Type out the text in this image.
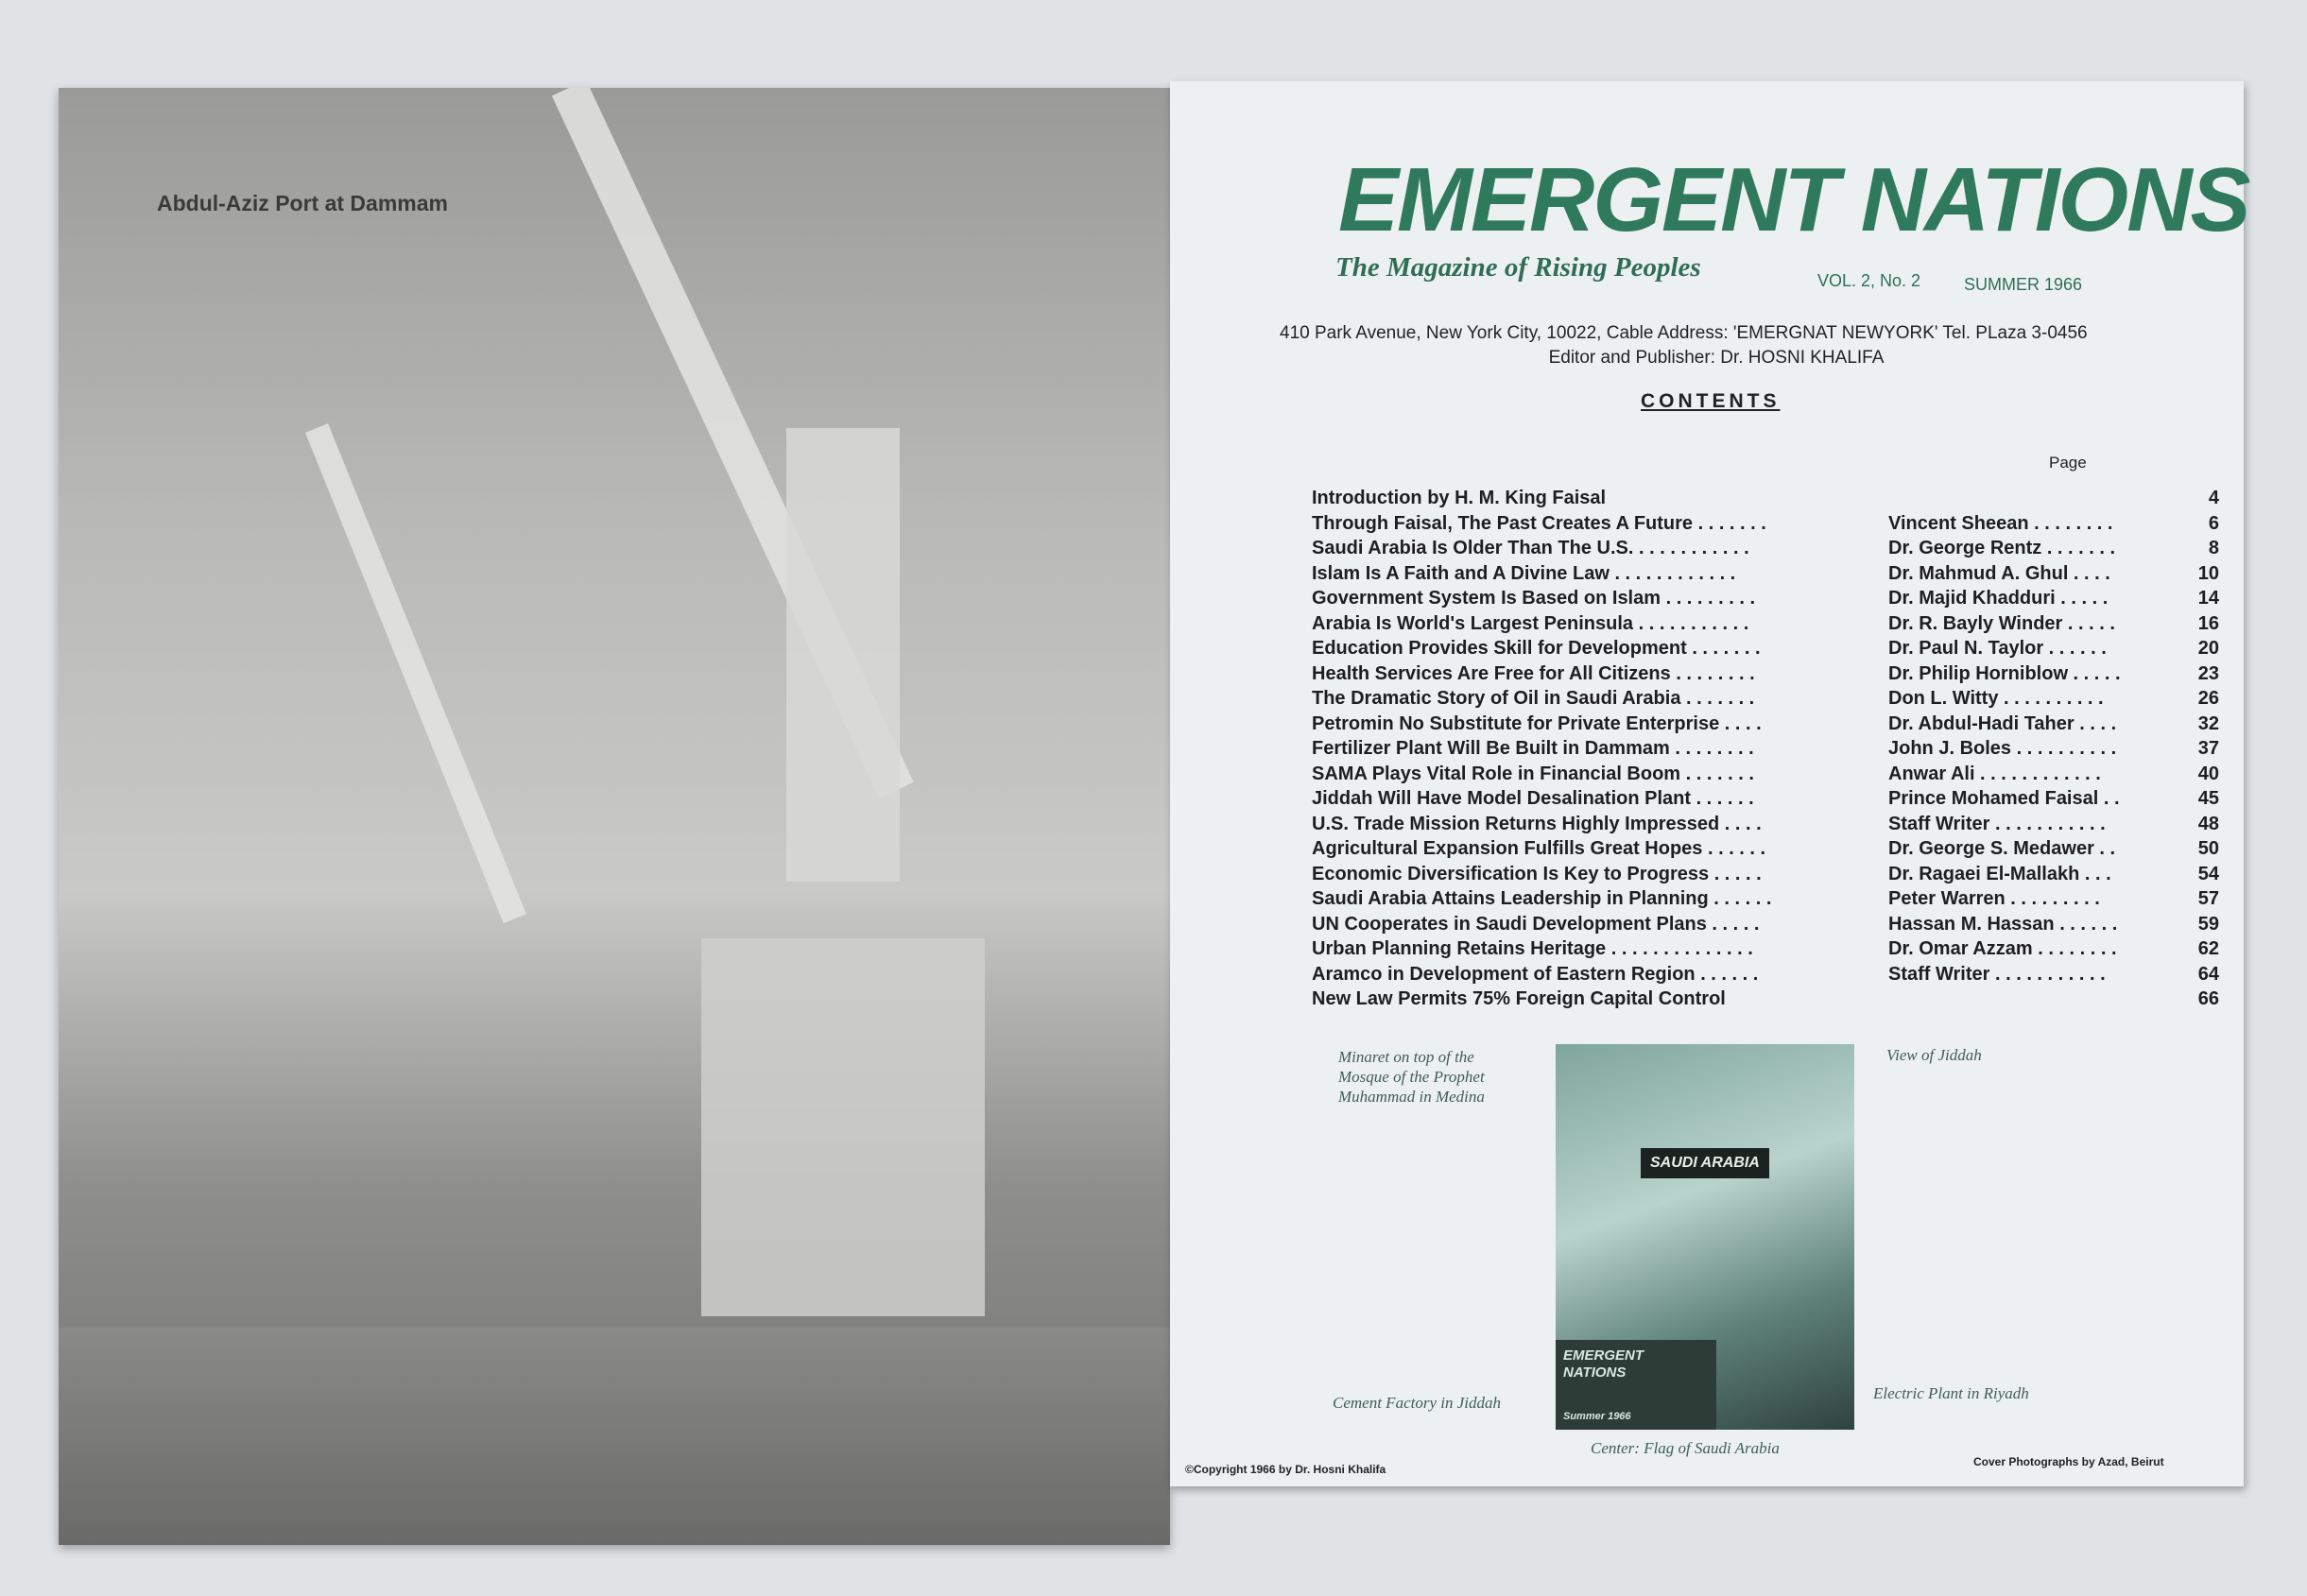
Abdul-Aziz Port at Dammam	EMERGENT NATIONS
The Magazine of Rising Peoples	VOL. 2, No. 2	SUMMER 1966
410 Park Avenue, New York City, 10022, Cable Address: 'EMERGNAT NEWYORK' Tel. PLaza 3-0456
Editor and Publisher: Dr. HOSNI KHALIFA
CONTENTS
Page
Introduction by H. M. King Faisal	4
Through Faisal, The Past Creates A Future . . . . . . .	Vincent Sheean . . . . . . . .	6
Saudi Arabia Is Older Than The U.S. . . . . . . . . . . .	Dr. George Rentz . . . . . . .	8
Islam Is A Faith and A Divine Law . . . . . . . . . . . .	Dr. Mahmud A. Ghul . . . .	10
Government System Is Based on Islam . . . . . . . . .	Dr. Majid Khadduri . . . . .	14
Arabia Is World's Largest Peninsula . . . . . . . . . . .	Dr. R. Bayly Winder . . . . .	16
Education Provides Skill for Development . . . . . . .	Dr. Paul N. Taylor . . . . . .	20
Health Services Are Free for All Citizens . . . . . . . .	Dr. Philip Horniblow . . . . .	23
The Dramatic Story of Oil in Saudi Arabia . . . . . . .	Don L. Witty . . . . . . . . . .	26
Petromin No Substitute for Private Enterprise . . . .	Dr. Abdul-Hadi Taher . . . .	32
Fertilizer Plant Will Be Built in Dammam . . . . . . . .	John J. Boles . . . . . . . . . .	37
SAMA Plays Vital Role in Financial Boom . . . . . . .	Anwar Ali . . . . . . . . . . . .	40
Jiddah Will Have Model Desalination Plant . . . . . .	Prince Mohamed Faisal . .	45
U.S. Trade Mission Returns Highly Impressed . . . .	Staff Writer . . . . . . . . . . .	48
Agricultural Expansion Fulfills Great Hopes . . . . . .	Dr. George S. Medawer . .	50
Economic Diversification Is Key to Progress . . . . .	Dr. Ragaei El-Mallakh . . .	54
Saudi Arabia Attains Leadership in Planning . . . . . .	Peter Warren . . . . . . . . .	57
UN Cooperates in Saudi Development Plans . . . . .	Hassan M. Hassan . . . . . .	59
Urban Planning Retains Heritage . . . . . . . . . . . . . .	Dr. Omar Azzam . . . . . . . .	62
Aramco in Development of Eastern Region . . . . . .	Staff Writer . . . . . . . . . . .	64
New Law Permits 75% Foreign Capital Control	66
Minaret on top of the Mosque of the Prophet Muhammad in Medina
View of Jiddah
Cement Factory in Jiddah
Electric Plant in Riyadh
Center: Flag of Saudi Arabia
SAUDI ARABIA
EMERGENT NATIONS
Summer 1966
©Copyright 1966 by Dr. Hosni Khalifa
Cover Photographs by Azad, Beirut
